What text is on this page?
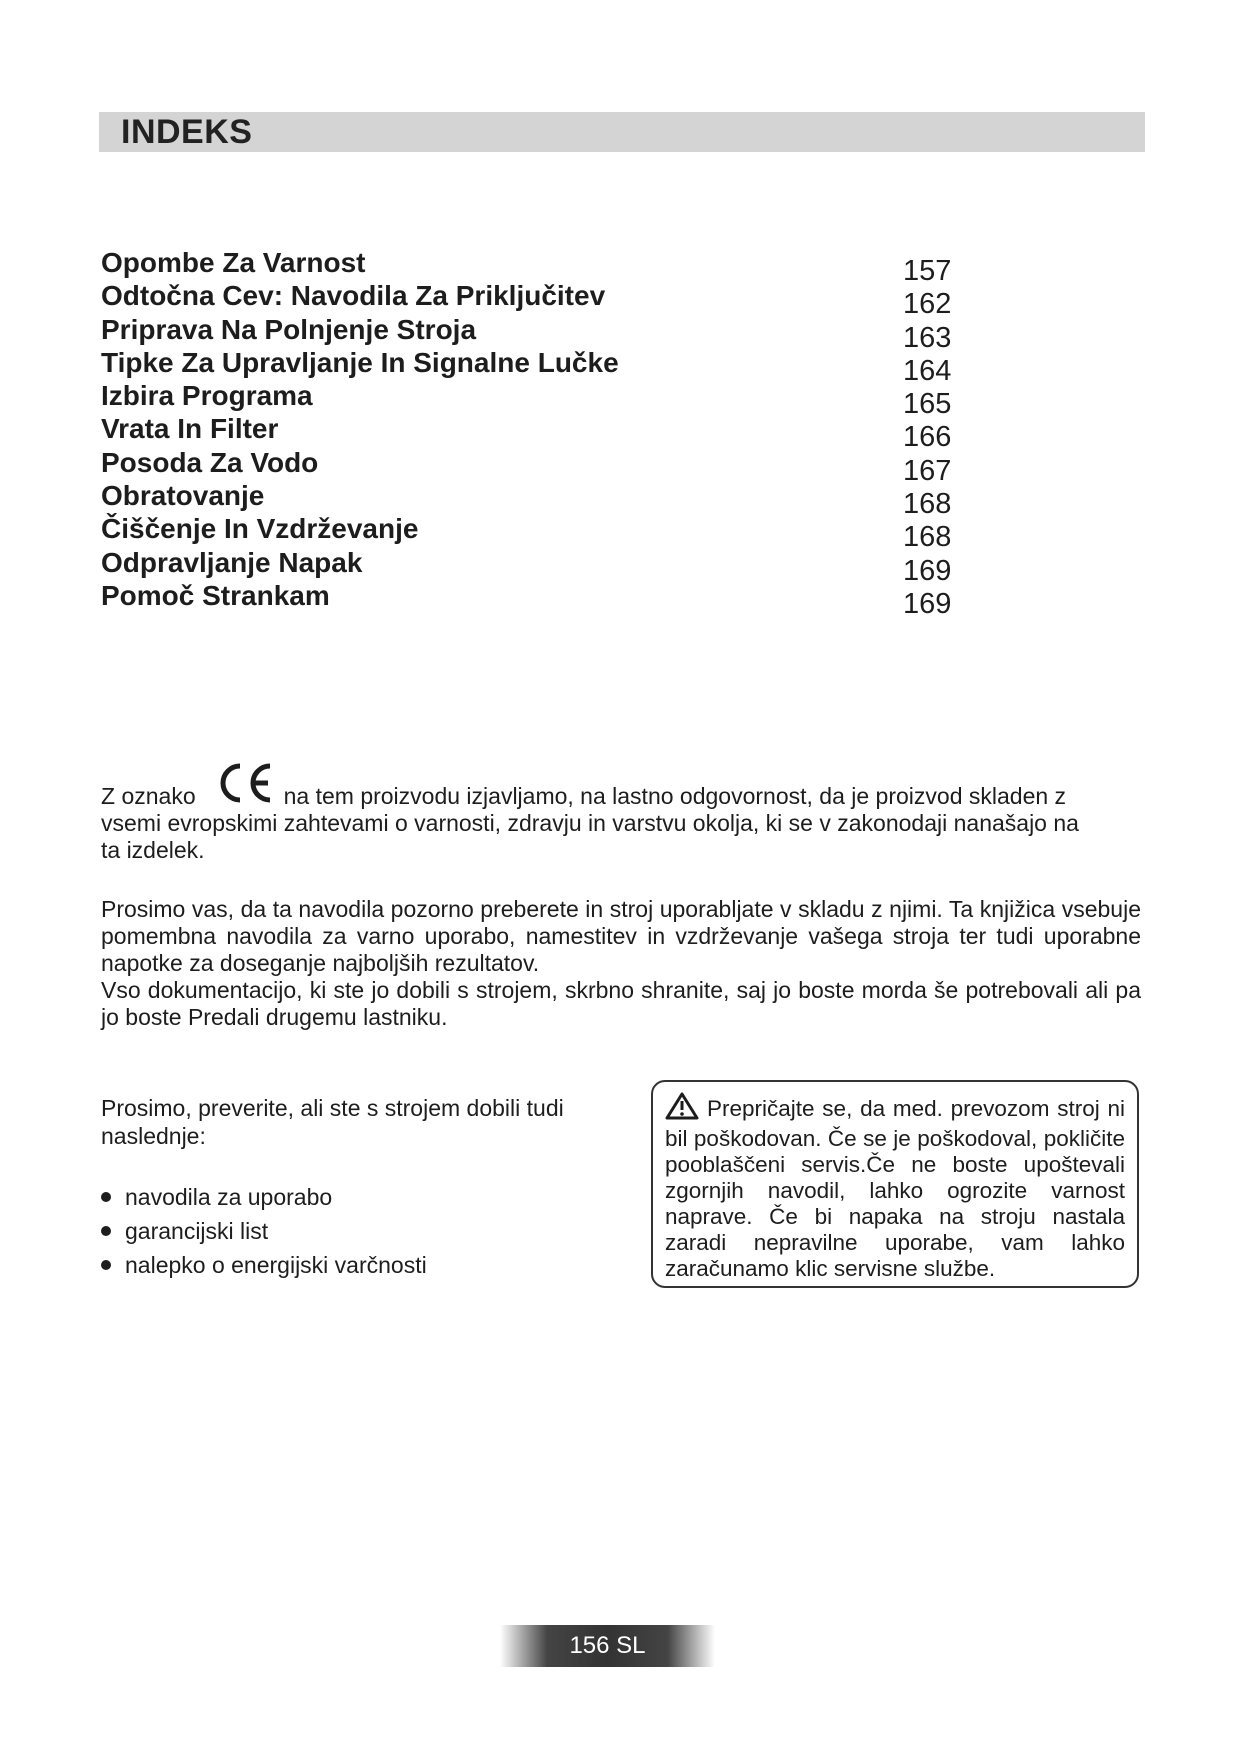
INDEKS
Opombe Za Varnost
Odtočna Cev: Navodila Za Priključitev
Priprava Na Polnjenje Stroja
Tipke Za Upravljanje In Signalne Lučke
Izbira Programa
Vrata In Filter
Posoda Za Vodo
Obratovanje
Čiščenje In Vzdrževanje
Odpravljanje Napak
Pomoč Strankam
157
162
163
164
165
166
167
168
168
169
169
Z oznako	na tem proizvodu izjavljamo, na lastno odgovornost, da je proizvod skladen z

vsemi evropskimi zahtevami o varnosti, zdravju in varstvu okolja, ki se v zakonodaji nanašajo na

ta izdelek.

Prosimo vas, da ta navodila pozorno preberete in stroj uporabljate v skladu z njimi. Ta knjižica vsebuje pomembna navodila za varno uporabo, namestitev in vzdrževanje vašega stroja ter tudi uporabne napotke za doseganje najboljših rezultatov.

Vso dokumentacijo, ki ste jo dobili s strojem, skrbno shranite, saj jo boste morda še potrebovali ali pa jo boste Predali drugemu lastniku.

Prosimo, preverite, ali ste s strojem dobili tudi naslednje:
navodila za uporabo
garancijski list
nalepko o energijski varčnosti
Prepričajte se, da med. prevozom stroj ni bil poškodovan. Če se je poškodoval, pokličite pooblaščeni servis.Če ne boste upoštevali zgornjih navodil, lahko ogrozite varnost naprave. Če bi napaka na stroju nastala zaradi nepravilne uporabe, vam lahko zaračunamo klic servisne službe.
156 SL
